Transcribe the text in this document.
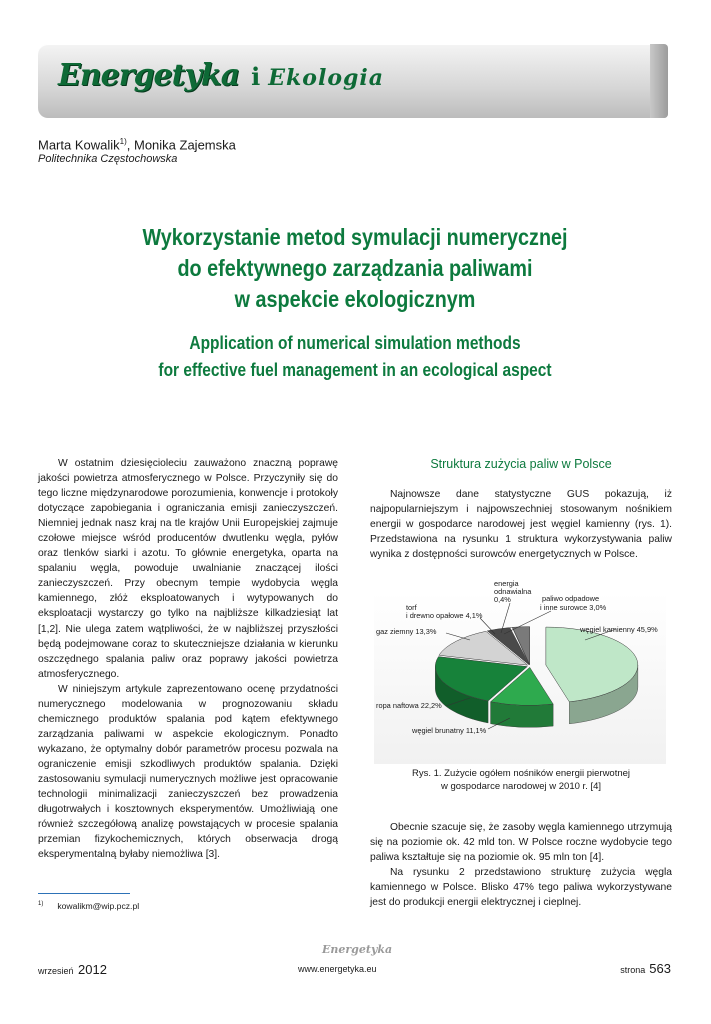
Energetyka i Ekologia
Marta Kowalik$^{1)}$, Monika Zajemska
Politechnika Częstochowska
Wykorzystanie metod symulacji numerycznej
do efektywnego zarządzania paliwami
w aspekcie ekologicznym
Application of numerical simulation methods
for effective fuel management in an ecological aspect

W ostatnim dziesięcioleciu zauważono znaczną poprawę jakości powietrza atmosferycznego w Polsce. Przyczyniły się do tego liczne międzynarodowe porozumienia, konwencje i protokoły dotyczące zapobiegania i ograniczania emisji zanieczyszczeń. Niemniej jednak nasz kraj na tle krajów Unii Europejskiej zajmuje czołowe miejsce wśród producentów dwutlenku węgla, pyłów oraz tlenków siarki i azotu. To głównie energetyka, oparta na spalaniu węgla, powoduje uwalnianie znaczącej ilości zanieczyszczeń. Przy obecnym tempie wydobycia węgla kamiennego, złóż eksploatowanych i wytypowanych do eksploatacji wystarczy go tylko na najbliższe kilkadziesiąt lat [1,2]. Nie ulega zatem wątpliwości, że w najbliższej przyszłości będą podejmowane coraz to skuteczniejsze działania w kierunku oszczędnego spalania paliw oraz poprawy jakości powietrza atmosferycznego.

W niniejszym artykule zaprezentowano ocenę przydatności numerycznego modelowania w prognozowaniu składu chemicznego produktów spalania pod kątem efektywnego zarządzania paliwami w aspekcie ekologicznym. Ponadto wykazano, że optymalny dobór parametrów procesu pozwala na ograniczenie emisji szkodliwych produktów spalania. Dzięki zastosowaniu symulacji numerycznych możliwe jest opracowanie technologii minimalizacji zanieczyszczeń bez prowadzenia długotrwałych i kosztownych eksperymentów. Umożliwiają one również szczegółową analizę powstających w procesie spalania przemian fizykochemicznych, których obserwacja drogą eksperymentalną byłaby niemożliwa [3].

Struktura zużycia paliw w Polsce

Najnowsze dane statystyczne GUS pokazują, iż najpopularniejszym i najpowszechniej stosowanym nośnikiem energii w gospodarce narodowej jest węgiel kamienny (rys. 1). Przedstawiona na rysunku 1 struktura wykorzystywania paliw wynika z dostępności surowców energetycznych w Polsce.

energia
odnawialna
0,4%	paliwo odpadowe
i inne surowce 3,0%
torf
i drewno opałowe 4,1%
gaz ziemny 13,3%	węgiel kamienny 45,9%
ropa naftowa 22,2%
węgiel brunatny 11,1%
Rys. 1. Zużycie ogółem nośników energii pierwotnej
w gospodarce narodowej w 2010 r. [4]

Obecnie szacuje się, że zasoby węgla kamiennego utrzymują się na poziomie ok. 42 mld ton. W Polsce roczne wydobycie tego paliwa kształtuje się na poziomie ok. 95 mln ton [4].

Na rysunku 2 przedstawiono strukturę zużycia węgla kamiennego w Polsce. Blisko 47% tego paliwa wykorzystywane jest do produkcji energii elektrycznej i cieplnej.

$^{1)}$ kowalikm@wip.pcz.pl
Energetyka
wrzesień 2012	www.energetyka.eu	strona 563
